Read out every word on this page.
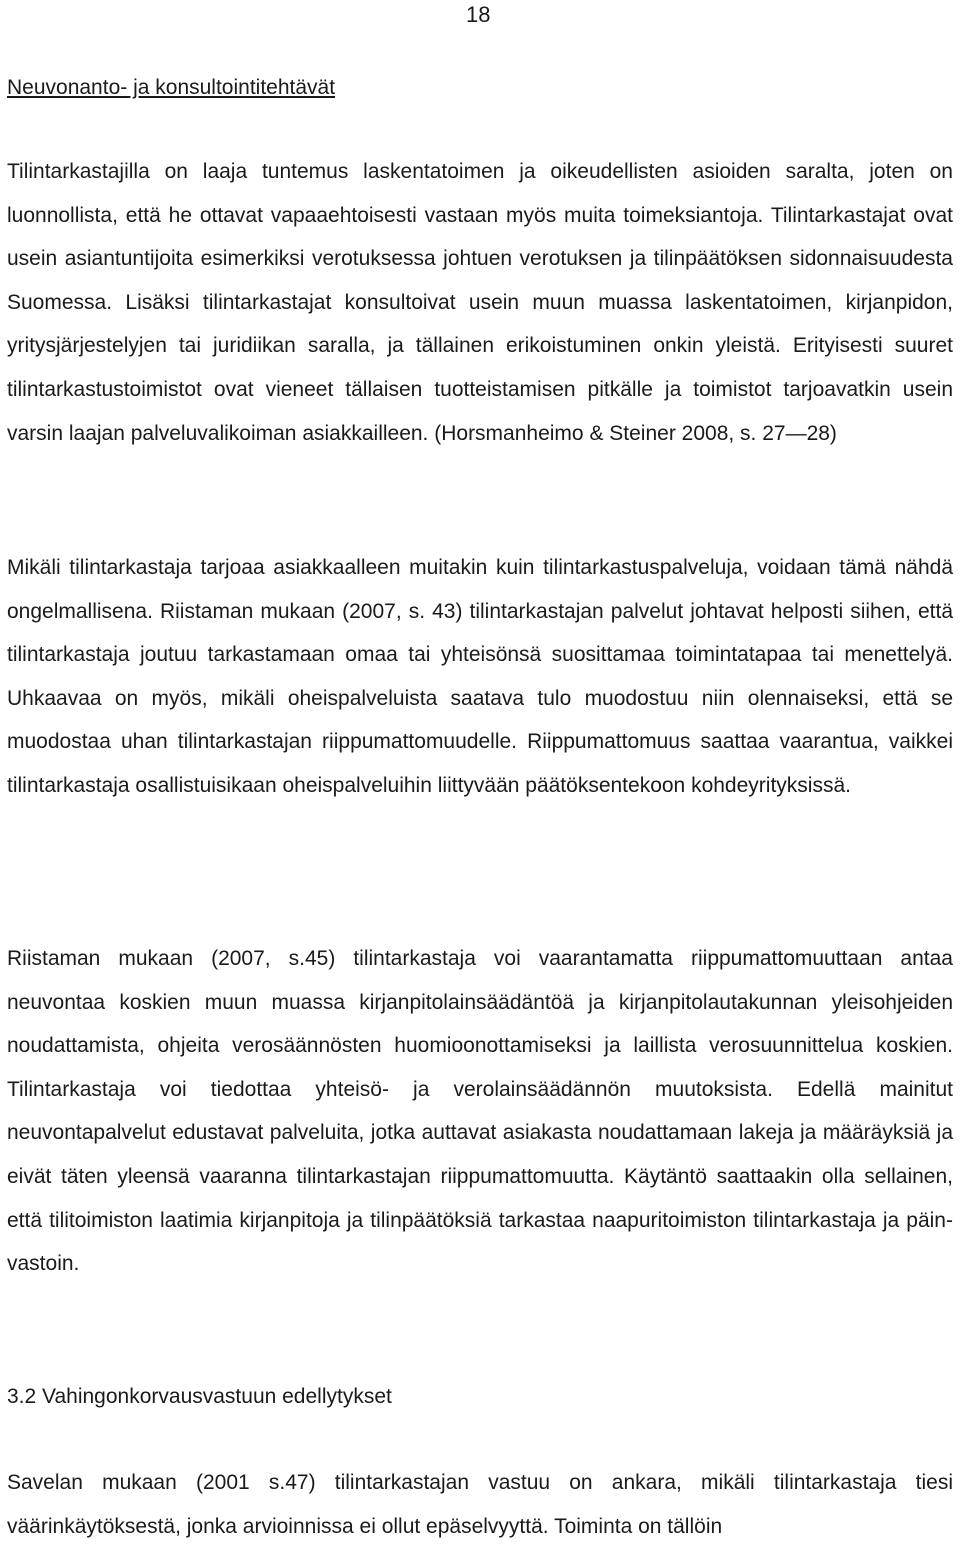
18
Neuvonanto- ja konsultointitehtävät

Tilintarkastajilla on laaja tuntemus laskentatoimen ja oikeudellisten asioiden saralta, joten on luonnollista, että he ottavat vapaaehtoisesti vastaan myös muita toimeksiantoja. Tilintarkastajat ovat usein asiantuntijoita esimerkiksi verotuksessa johtuen verotuksen ja tilinpäätöksen sidonnaisuudesta Suomessa. Lisäksi tilintarkastajat konsultoivat usein muun muassa laskentatoimen, kirjanpidon, yritysjärjestelyjen tai juridiikan saralla, ja tällainen erikoistuminen onkin yleistä. Erityisesti suuret tilintarkastustoimistot ovat vieneet tällaisen tuotteistamisen pitkälle ja toimistot tarjoavatkin usein varsin laajan palveluvalikoiman asiakkailleen. (Horsmanheimo & Steiner 2008, s. 27—28)

Mikäli tilintarkastaja tarjoaa asiakkaalleen muitakin kuin tilintarkastuspalveluja, voidaan tämä nähdä ongelmallisena. Riistaman mukaan (2007, s. 43) tilintarkastajan palvelut johtavat helposti siihen, että tilintarkastaja joutuu tarkastamaan omaa tai yhteisönsä suosittamaa toimintatapaa tai menettelyä. Uhkaavaa on myös, mikäli oheispalveluista saatava tulo muodostuu niin olennaiseksi, että se muodostaa uhan tilintarkastajan riippumattomuudelle. Riippumattomuus saattaa vaarantua, vaikkei tilintarkastaja osallistuisikaan oheispalveluihin liittyvään päätöksentekoon kohdeyrityksissä.

Riistaman mukaan (2007, s.45) tilintarkastaja voi vaarantamatta riippumattomuuttaan antaa neuvontaa koskien muun muassa kirjanpitolainsäädäntöä ja kirjanpitolautakunnan yleisohjeiden noudattamista, ohjeita verosäännösten huomioonottamiseksi ja laillista verosuunnittelua koskien. Tilintarkastaja voi tiedottaa yhteisö- ja verolainsäädännön muutoksista. Edellä mainitut neuvontapalvelut edustavat palveluita, jotka auttavat asiakasta noudattamaan lakeja ja määräyksiä ja eivät täten yleensä vaaranna tilintarkastajan riippumattomuutta. Käytäntö saattaakin olla sellainen, että tilitoimiston laatimia kirjanpitoja ja tilinpäätöksiä tarkastaa naapuritoimiston tilintarkastaja ja päinvastoin.

3.2 Vahingonkorvausvastuun edellytykset

Savelan mukaan (2001 s.47) tilintarkastajan vastuu on ankara, mikäli tilintarkastaja tiesi väärinkäytöksestä, jonka arvioinnissa ei ollut epäselvyyttä. Toiminta on tällöin
